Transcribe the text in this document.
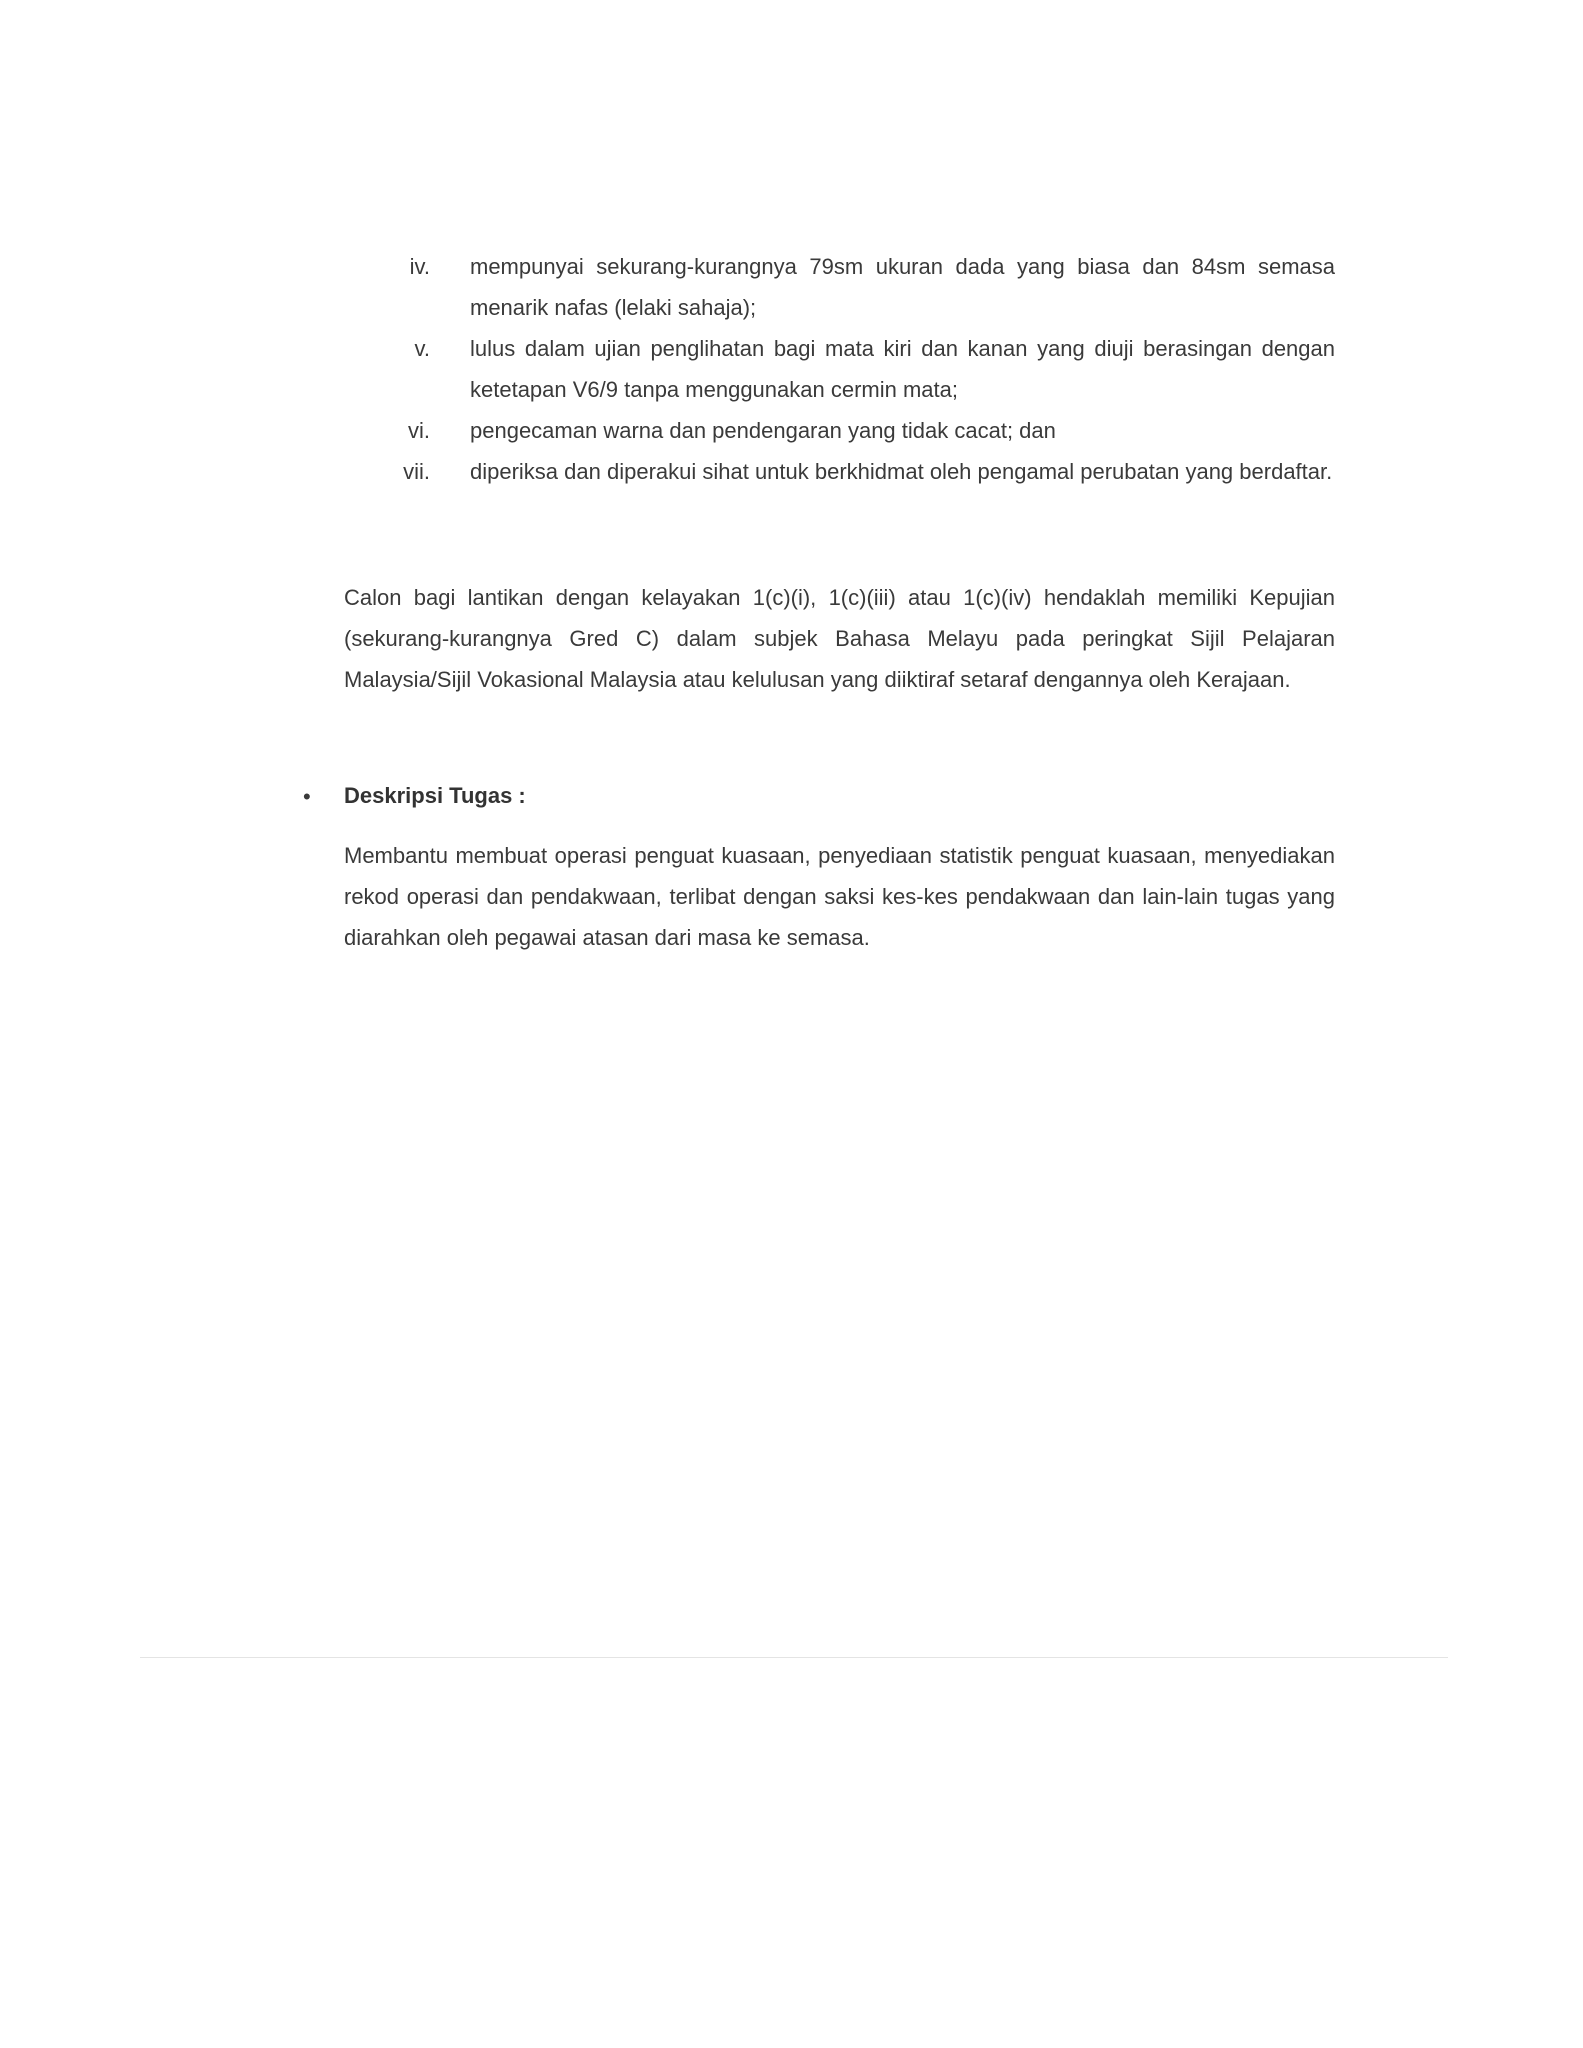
iv. mempunyai sekurang-kurangnya 79sm ukuran dada yang biasa dan 84sm semasa menarik nafas (lelaki sahaja);
v. lulus dalam ujian penglihatan bagi mata kiri dan kanan yang diuji berasingan dengan ketetapan V6/9 tanpa menggunakan cermin mata;
vi. pengecaman warna dan pendengaran yang tidak cacat; dan
vii. diperiksa dan diperakui sihat untuk berkhidmat oleh pengamal perubatan yang berdaftar.

Calon bagi lantikan dengan kelayakan 1(c)(i), 1(c)(iii) atau 1(c)(iv) hendaklah memiliki Kepujian (sekurang-kurangnya Gred C) dalam subjek Bahasa Melayu pada peringkat Sijil Pelajaran Malaysia/Sijil Vokasional Malaysia atau kelulusan yang diiktiraf setaraf dengannya oleh Kerajaan.

• Deskripsi Tugas :

Membantu membuat operasi penguat kuasaan, penyediaan statistik penguat kuasaan, menyediakan rekod operasi dan pendakwaan, terlibat dengan saksi kes-kes pendakwaan dan lain-lain tugas yang diarahkan oleh pegawai atasan dari masa ke semasa.
